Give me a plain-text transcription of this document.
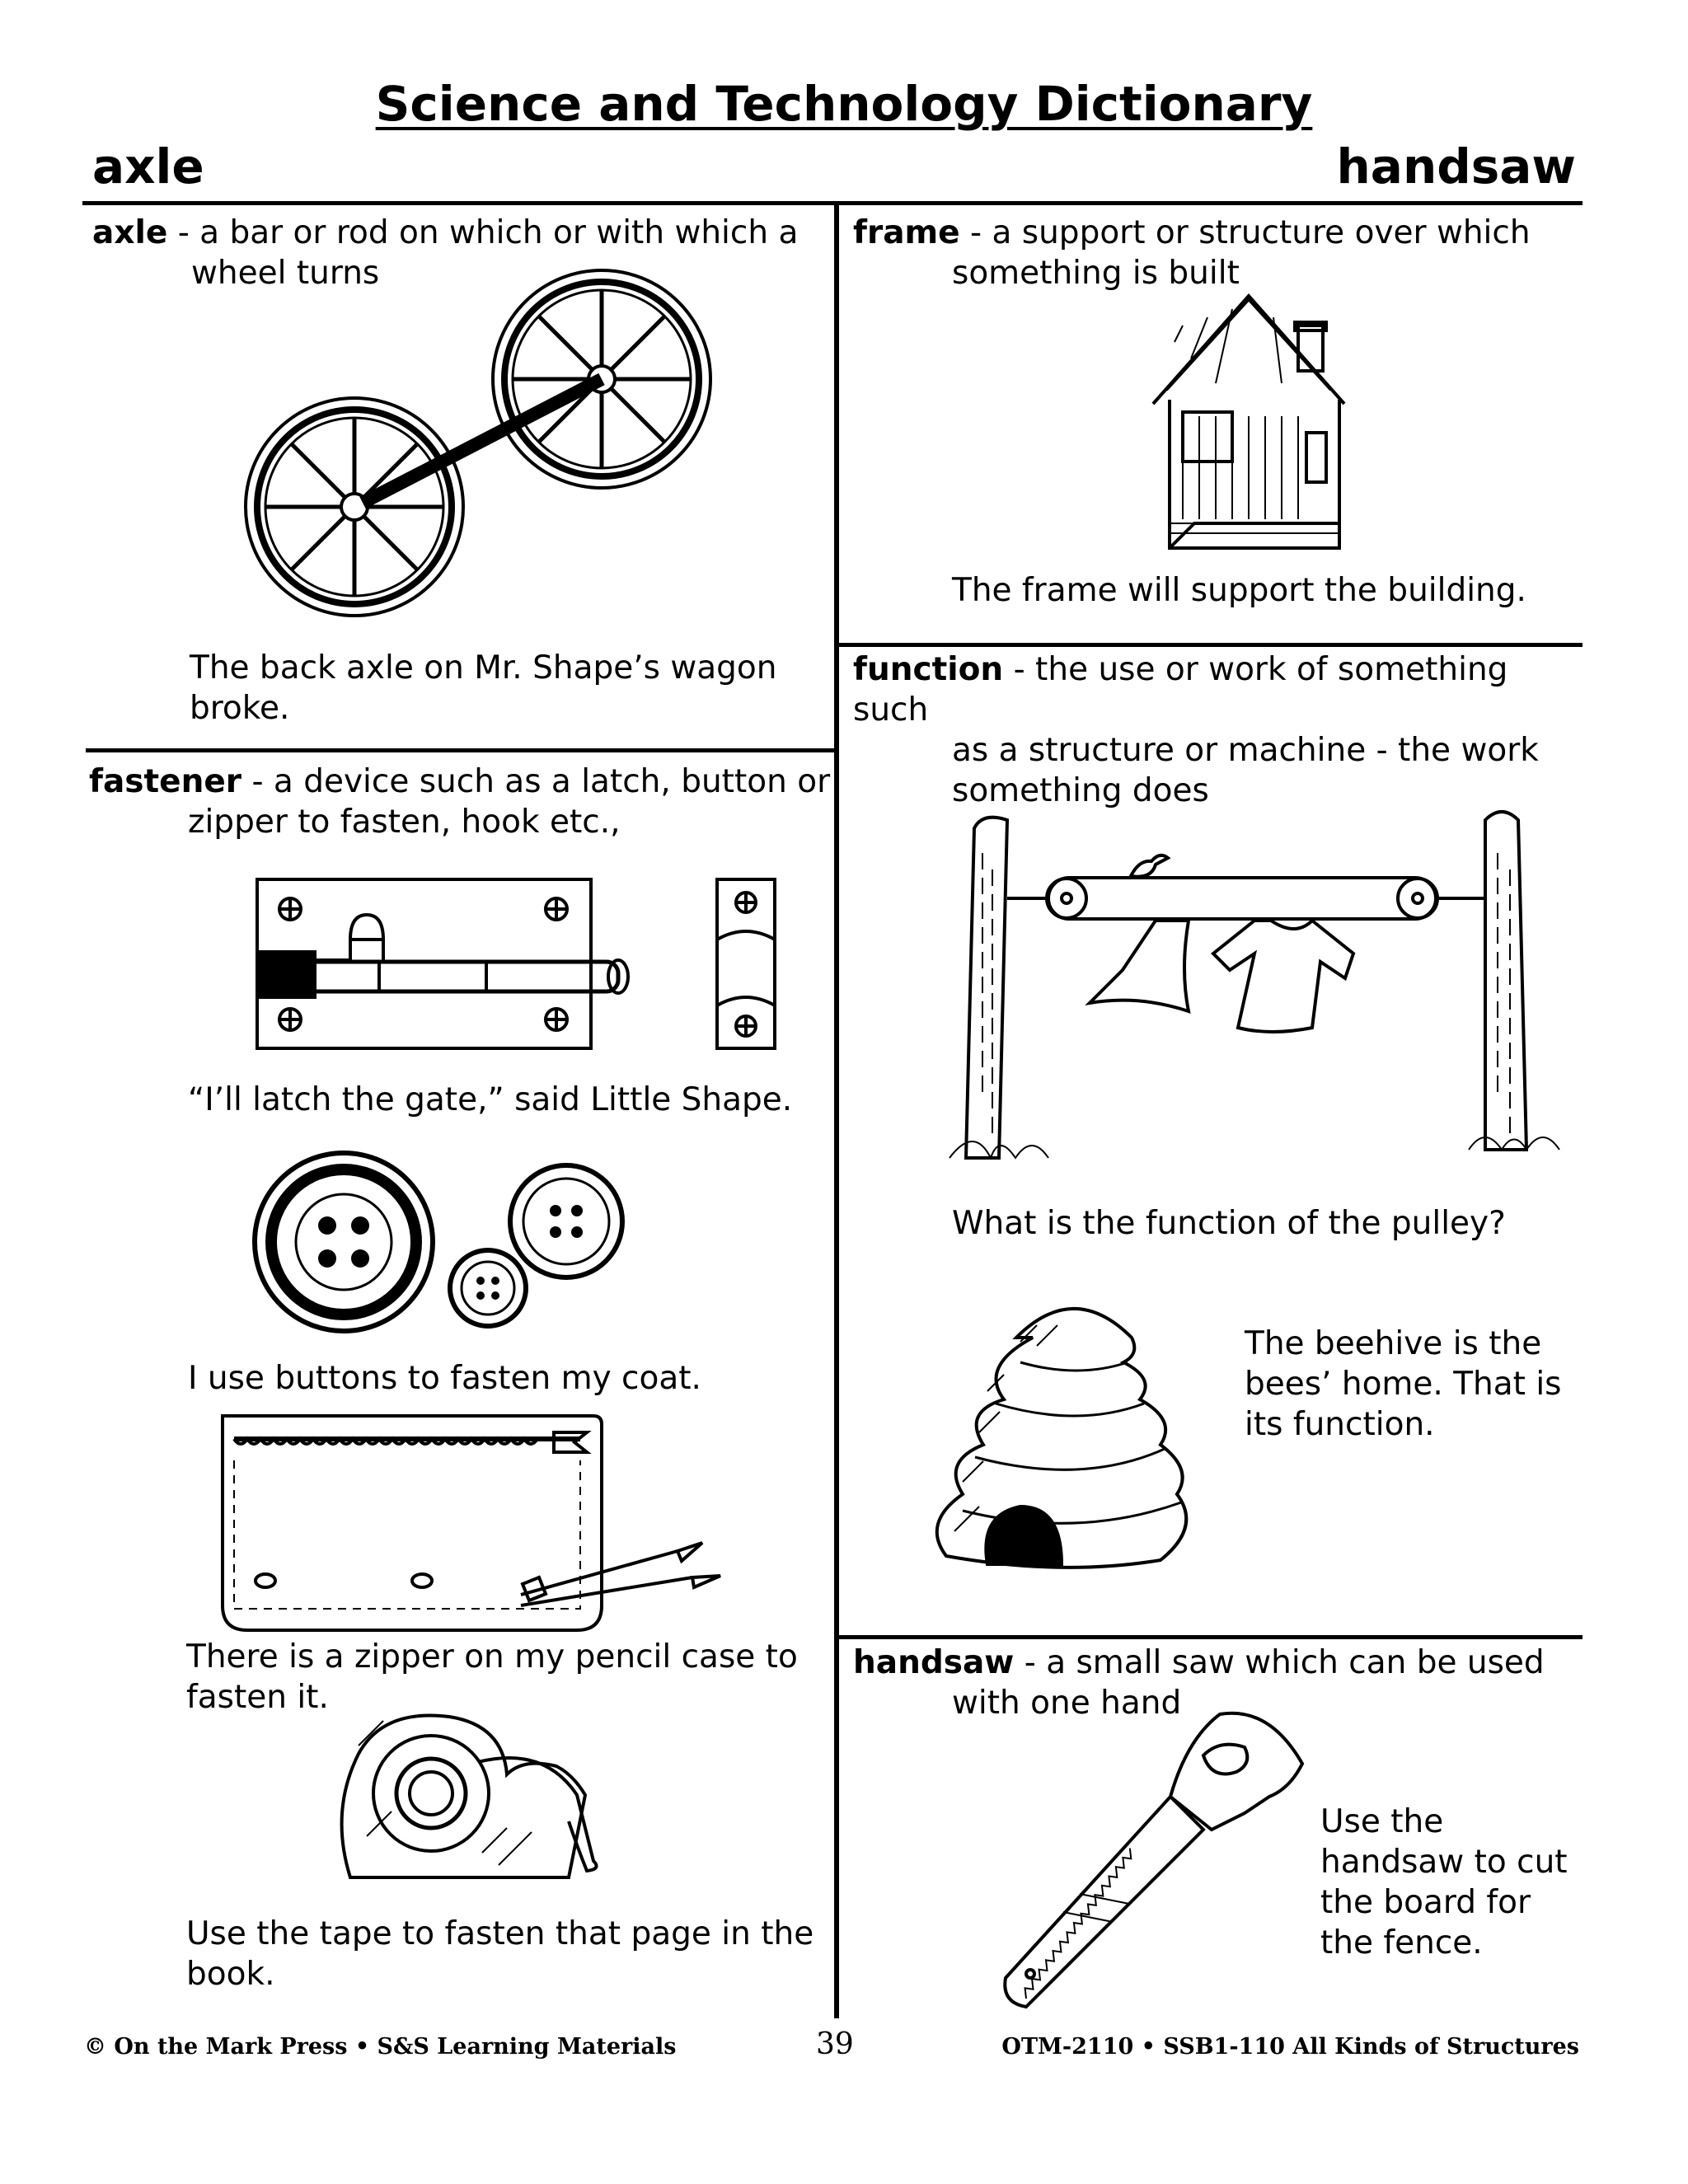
Science and Technology Dictionary
axle	handsaw
axle - a bar or rod on which or with which a
wheel turns
The back axle on Mr. Shape’s wagon
broke.
fastener - a device such as a latch, button or
zipper to fasten, hook etc.,
“I’ll latch the gate,” said Little Shape.
I use buttons to fasten my coat.
There is a zipper on my pencil case to
fasten it.
Use the tape to fasten that page in the
book.
frame - a support or structure over which
something is built
The frame will support the building.
function - the use or work of something such
as a structure or machine - the work
something does
What is the function of the pulley?
The beehive is the
bees’ home. That is
its function.
handsaw - a small saw which can be used
with one hand
Use the
handsaw to cut
the board for
the fence.
© On the Mark Press • S&S Learning Materials	39	OTM-2110 • SSB1-110 All Kinds of Structures
